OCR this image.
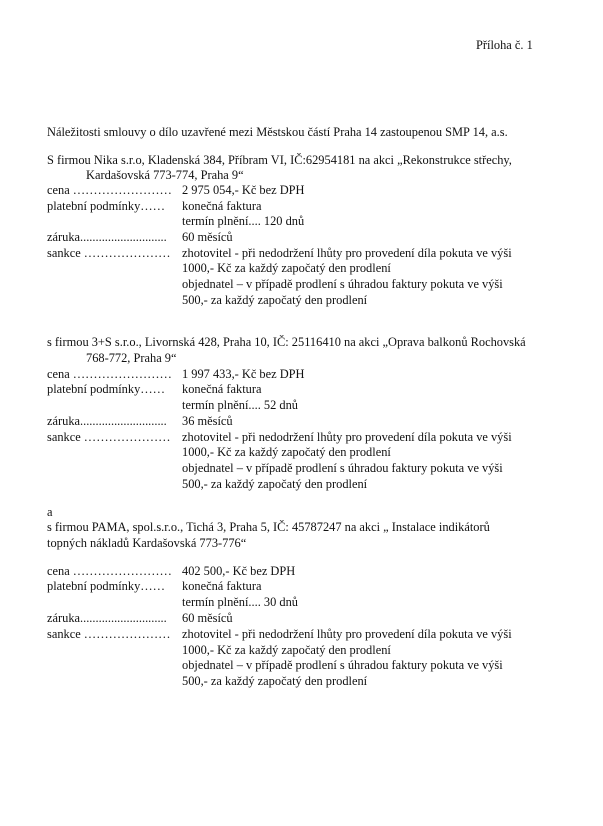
Příloha č. 1
Náležitosti smlouvy o dílo uzavřené mezi Městskou částí Praha 14 zastoupenou SMP 14, a.s.
S firmou Nika s.r.o, Kladenská 384, Příbram VI, IČ:62954181 na akci „Rekonstrukce střechy,
Kardašovská 773-774, Praha 9“
cena …………………… 2 975 054,- Kč bez DPH
platební podmínky…… konečná faktura
termín plnění.... 120 dnů
záruka............................ 60 měsíců
sankce ………………… zhotovitel - při nedodržení lhůty pro provedení díla pokuta ve výši
1000,- Kč za každý započatý den prodlení
objednatel – v případě prodlení s úhradou faktury pokuta ve výši
500,- za každý započatý den prodlení
s firmou 3+S s.r.o., Livornská 428, Praha 10, IČ: 25116410 na akci „Oprava balkonů Rochovská
768-772, Praha 9“
cena …………………… 1 997 433,- Kč bez DPH
platební podmínky…… konečná faktura
termín plnění.... 52 dnů
záruka............................ 36 měsíců
sankce ………………… zhotovitel - při nedodržení lhůty pro provedení díla pokuta ve výši
1000,- Kč za každý započatý den prodlení
objednatel – v případě prodlení s úhradou faktury pokuta ve výši
500,- za každý započatý den prodlení
a
s firmou PAMA, spol.s.r.o., Tichá 3, Praha 5, IČ: 45787247 na akci „ Instalace indikátorů
topných nákladů Kardašovská 773-776“
cena …………………… 402 500,- Kč bez DPH
platební podmínky…… konečná faktura
termín plnění.... 30 dnů
záruka............................ 60 měsíců
sankce ………………… zhotovitel - při nedodržení lhůty pro provedení díla pokuta ve výši
1000,- Kč za každý započatý den prodlení
objednatel – v případě prodlení s úhradou faktury pokuta ve výši
500,- za každý započatý den prodlení
